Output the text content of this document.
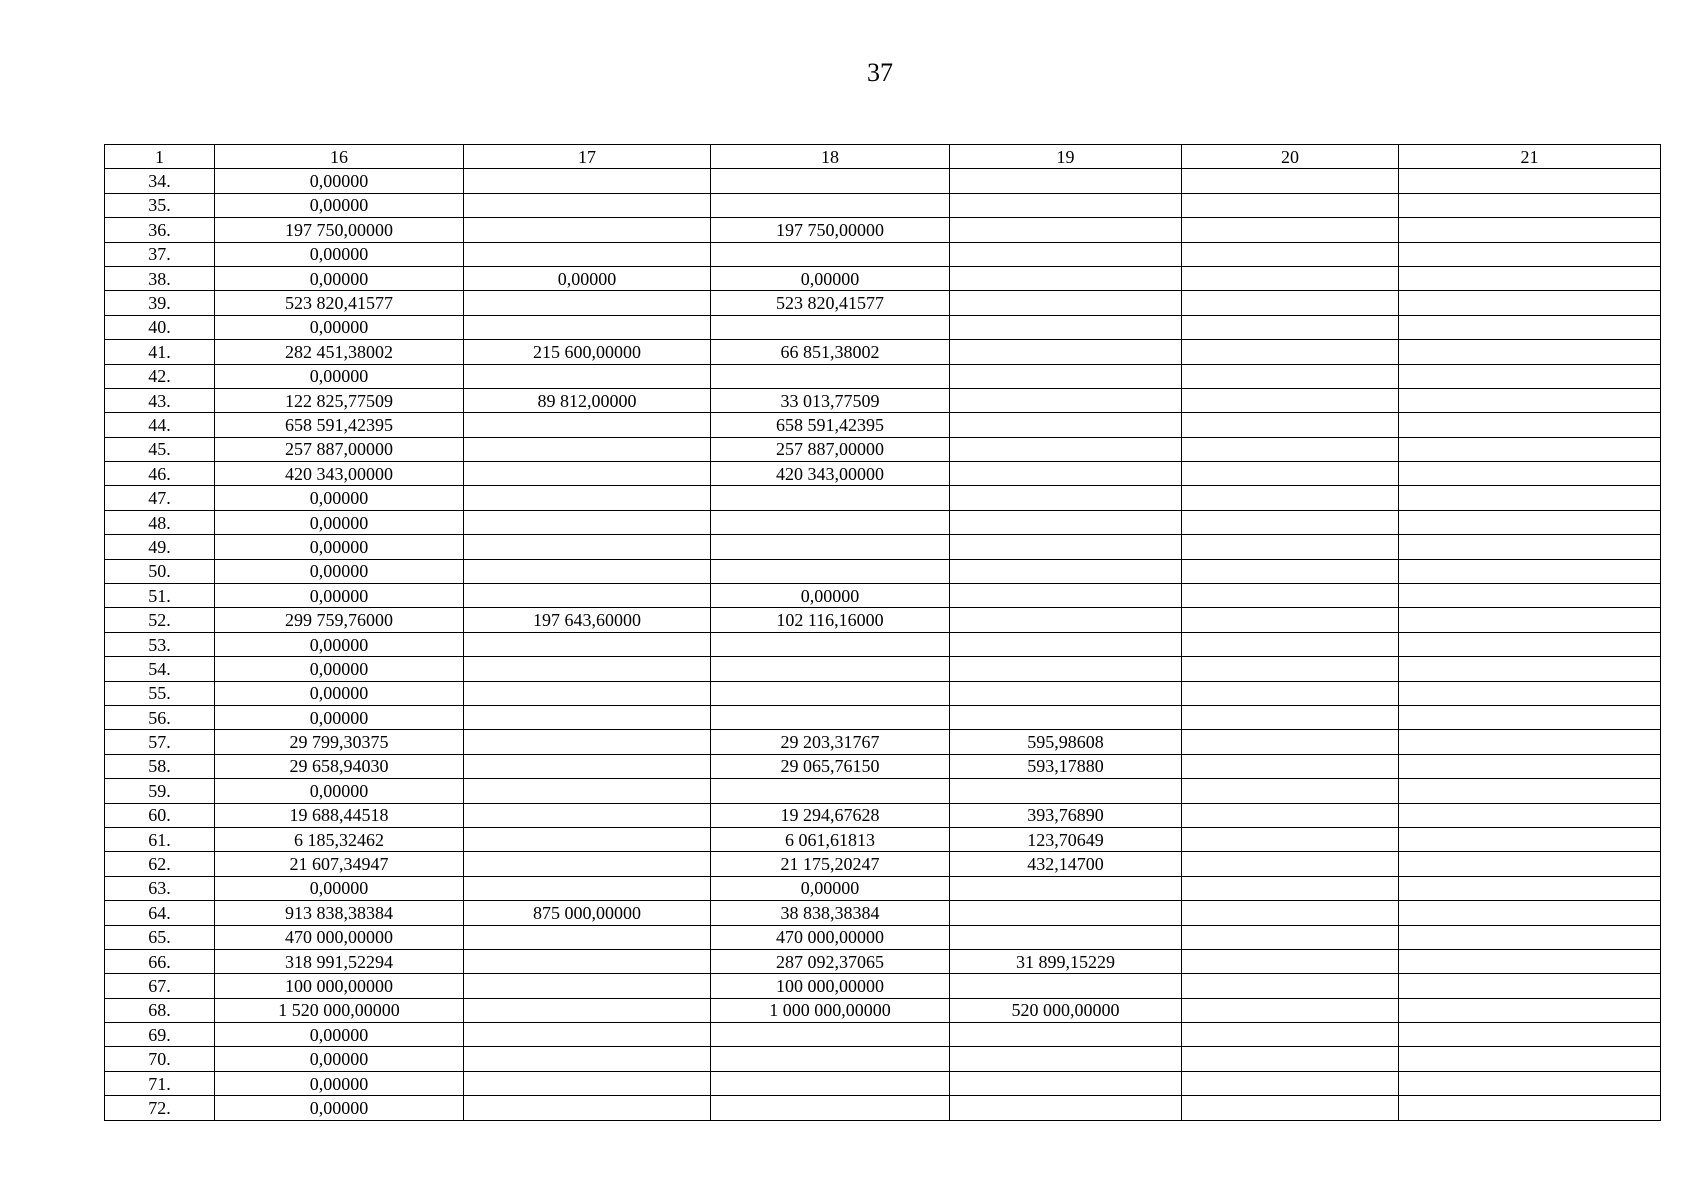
37
1	16	17	18	19	20	21
34.	0,00000					
35.	0,00000					
36.	197 750,00000		197 750,00000			
37.	0,00000					
38.	0,00000	0,00000	0,00000			
39.	523 820,41577		523 820,41577			
40.	0,00000					
41.	282 451,38002	215 600,00000	66 851,38002			
42.	0,00000					
43.	122 825,77509	89 812,00000	33 013,77509			
44.	658 591,42395		658 591,42395			
45.	257 887,00000		257 887,00000			
46.	420 343,00000		420 343,00000			
47.	0,00000					
48.	0,00000					
49.	0,00000					
50.	0,00000					
51.	0,00000		0,00000			
52.	299 759,76000	197 643,60000	102 116,16000			
53.	0,00000					
54.	0,00000					
55.	0,00000					
56.	0,00000					
57.	29 799,30375		29 203,31767	595,98608		
58.	29 658,94030		29 065,76150	593,17880		
59.	0,00000					
60.	19 688,44518		19 294,67628	393,76890		
61.	6 185,32462		6 061,61813	123,70649		
62.	21 607,34947		21 175,20247	432,14700		
63.	0,00000		0,00000			
64.	913 838,38384	875 000,00000	38 838,38384			
65.	470 000,00000		470 000,00000			
66.	318 991,52294		287 092,37065	31 899,15229		
67.	100 000,00000		100 000,00000			
68.	1 520 000,00000		1 000 000,00000	520 000,00000		
69.	0,00000					
70.	0,00000					
71.	0,00000					
72.	0,00000					
